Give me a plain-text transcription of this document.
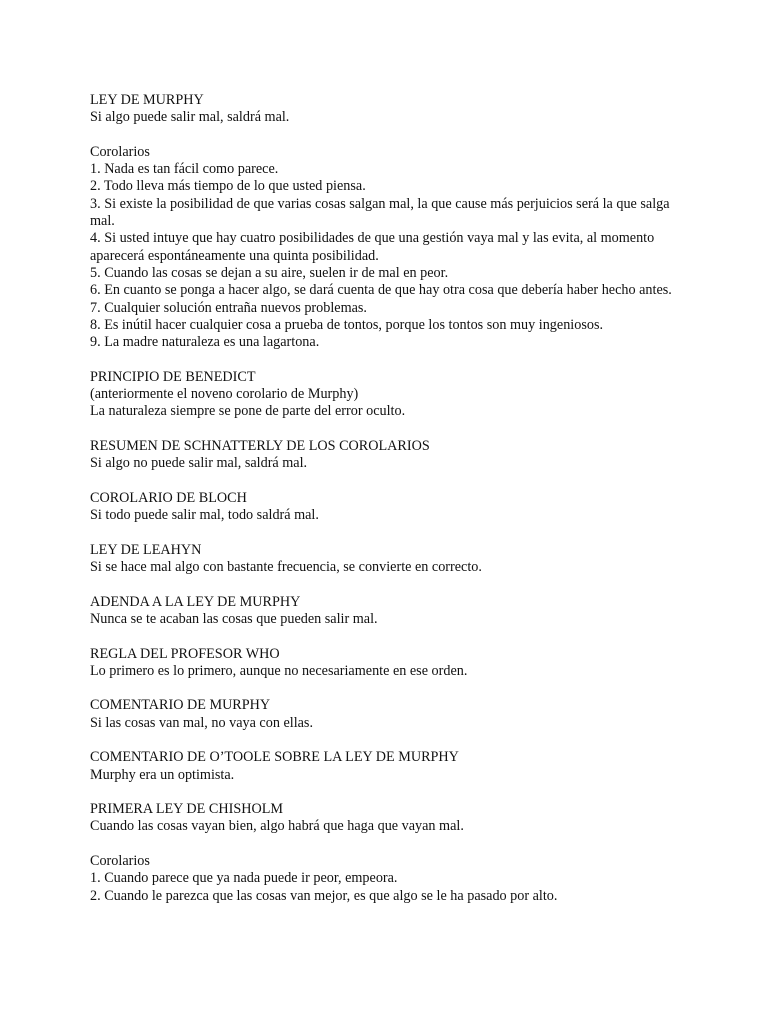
LEY DE MURPHY
Si algo puede salir mal, saldrá mal.
Corolarios
1. Nada es tan fácil como parece.
2. Todo lleva más tiempo de lo que usted piensa.
3. Si existe la posibilidad de que varias cosas salgan mal, la que cause más perjuicios será la que salga mal.
4. Si usted intuye que hay cuatro posibilidades de que una gestión vaya mal y las evita, al momento aparecerá espontáneamente una quinta posibilidad.
5. Cuando las cosas se dejan a su aire, suelen ir de mal en peor.
6. En cuanto se ponga a hacer algo, se dará cuenta de que hay otra cosa que debería haber hecho antes.
7. Cualquier solución entraña nuevos problemas.
8. Es inútil hacer cualquier cosa a prueba de tontos, porque los tontos son muy ingeniosos.
9. La madre naturaleza es una lagartona.
PRINCIPIO DE BENEDICT
(anteriormente el noveno corolario de Murphy)
La naturaleza siempre se pone de parte del error oculto.
RESUMEN DE SCHNATTERLY DE LOS COROLARIOS
Si algo no puede salir mal, saldrá mal.
COROLARIO DE BLOCH
Si todo puede salir mal, todo saldrá mal.
LEY DE LEAHYN
Si se hace mal algo con bastante frecuencia, se convierte en correcto.
ADENDA A LA LEY DE MURPHY
Nunca se te acaban las cosas que pueden salir mal.
REGLA DEL PROFESOR WHO
Lo primero es lo primero, aunque no necesariamente en ese orden.
COMENTARIO DE MURPHY
Si las cosas van mal, no vaya con ellas.
COMENTARIO DE O’TOOLE SOBRE LA LEY DE MURPHY
Murphy era un optimista.
PRIMERA LEY DE CHISHOLM
Cuando las cosas vayan bien, algo habrá que haga que vayan mal.
Corolarios
1. Cuando parece que ya nada puede ir peor, empeora.
2. Cuando le parezca que las cosas van mejor, es que algo se le ha pasado por alto.
